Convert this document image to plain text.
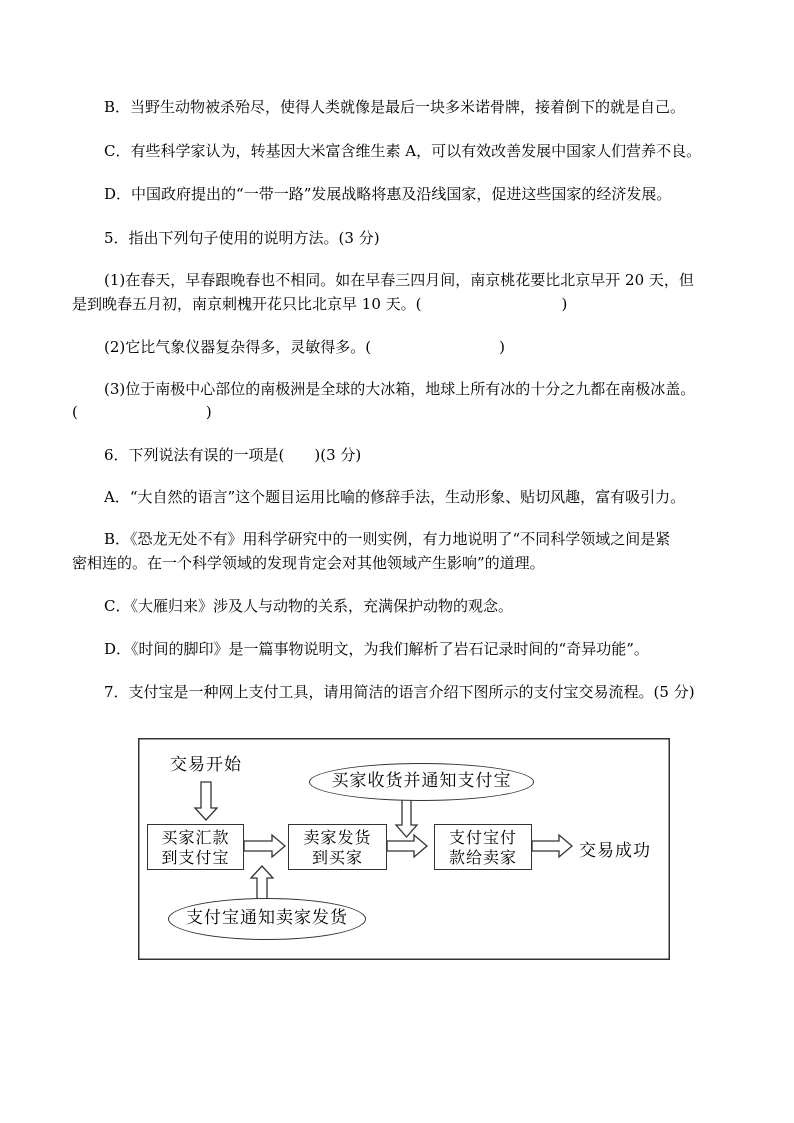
B．当野生动物被杀殆尽，使得人类就像是最后一块多米诺骨牌，接着倒下的就是自己。
C．有些科学家认为，转基因大米富含维生素 A，可以有效改善发展中国家人们营养不良。
D．中国政府提出的“一带一路”发展战略将惠及沿线国家，促进这些国家的经济发展。
5．指出下列句子使用的说明方法。(3 分)
(1)在春天，早春跟晚春也不相同。如在早春三四月间，南京桃花要比北京早开 20 天，但
是到晚春五月初，南京刺槐开花只比北京早 10 天。(	)
(2)它比气象仪器复杂得多，灵敏得多。(	)
(3)位于南极中心部位的南极洲是全球的大冰箱，地球上所有冰的十分之九都在南极冰盖。
(	)
6．下列说法有误的一项是(　　)(3 分)
A．“大自然的语言”这个题目运用比喻的修辞手法，生动形象、贴切风趣，富有吸引力。
B．《恐龙无处不有》用科学研究中的一则实例，有力地说明了“不同科学领域之间是紧
密相连的。在一个科学领域的发现肯定会对其他领域产生影响”的道理。
C．《大雁归来》涉及人与动物的关系，充满保护动物的观念。
D．《时间的脚印》是一篇事物说明文，为我们解析了岩石记录时间的“奇异功能”。
7．支付宝是一种网上支付工具，请用简洁的语言介绍下图所示的支付宝交易流程。(5 分)
交易开始
买家收货并通知支付宝
买家汇款
到支付宝
卖家发货
到买家
支付宝付
款给卖家	交易成功
支付宝通知卖家发货
